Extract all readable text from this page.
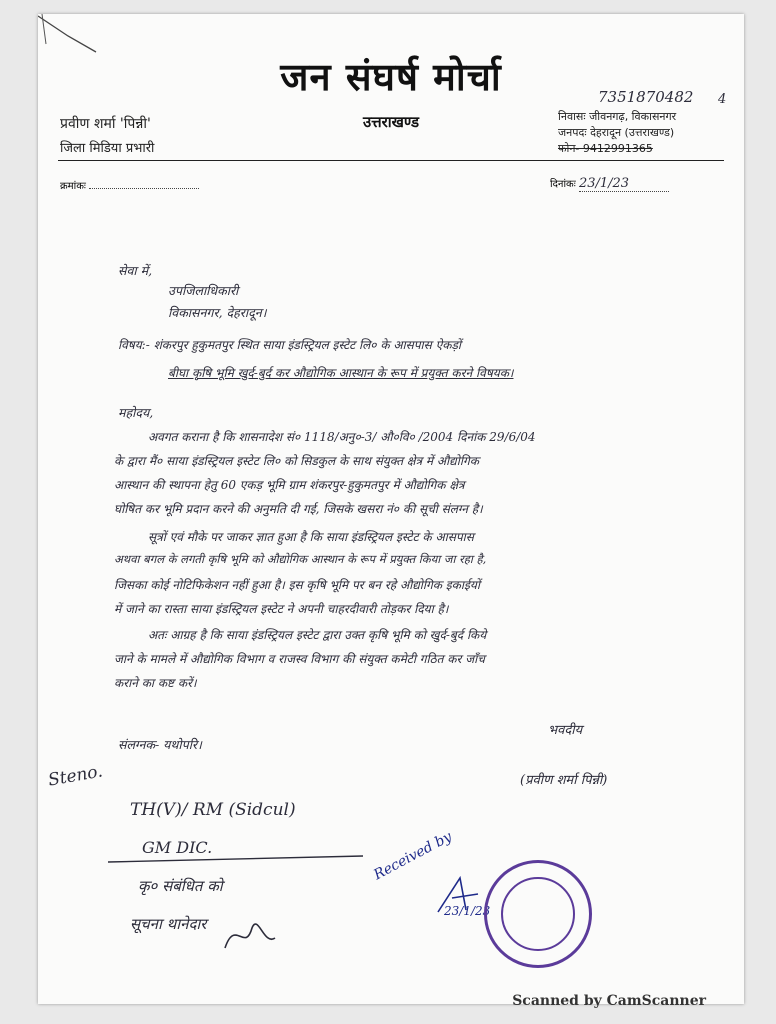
जन संघर्ष मोर्चा
उत्तराखण्ड
प्रवीण शर्मा 'पिन्नी'
जिला मिडिया प्रभारी
7351870482
निवासः जीवनगढ़, विकासनगर
जनपदः देहरादून (उत्तराखण्ड)
फोन- 9412991365
क्रमांकः	दिनांकः 23/1/23
सेवा में,
उपजिलाधिकारी
विकासनगर, देहरादून।
विषय:- शंकरपुर हुकुमतपुर स्थित साया इंडस्ट्रियल इस्टेट लि० के आसपास ऐकड़ों
बीघा कृषि भूमि खुर्द-बुर्द कर औद्योगिक आस्थान के रूप में प्रयुक्त करने विषयक।
महोदय,
अवगत कराना है कि शासनादेश सं० 1118/अनु०-3/ औ०वि० /2004 दिनांक 29/6/04
के द्वारा मैं० साया इंडस्ट्रियल इस्टेट लि० को सिडकुल के साथ संयुक्त क्षेत्र में औद्योगिक
आस्थान की स्थापना हेतु 60 एकड़ भूमि ग्राम शंकरपुर-हुकुमतपुर में औद्योगिक क्षेत्र
घोषित कर भूमि प्रदान करने की अनुमति दी गई, जिसके खसरा नं० की सूची संलग्न है।
सूत्रों एवं मौके पर जाकर ज्ञात हुआ है कि साया इंडस्ट्रियल इस्टेट के आसपास
अथवा बगल के लगती कृषि भूमि को औद्योगिक आस्थान के रूप में प्रयुक्त किया जा रहा है,
जिसका कोई नोटिफिकेशन नहीं हुआ है। इस कृषि भूमि पर बन रहे औद्योगिक इकाईयों
में जाने का रास्ता साया इंडस्ट्रियल इस्टेट ने अपनी चाहरदीवारी तोड़कर दिया है।
अतः आग्रह है कि साया इंडस्ट्रियल इस्टेट द्वारा उक्त कृषि भूमि को खुर्द-बुर्द किये
जाने के मामले में औद्योगिक विभाग व राजस्व विभाग की संयुक्त कमेटी गठित कर जाँच
कराने का कष्ट करें।
संलग्नक- यथोपरि।
भवदीय
(प्रवीण शर्मा पिन्नी)
Steno.
TH(V)/ RM (Sidcul)
GM DIC.
कृ० संबंधित को
सूचना थानेदार
Received by
23/1/23
4
Scanned by CamScanner
